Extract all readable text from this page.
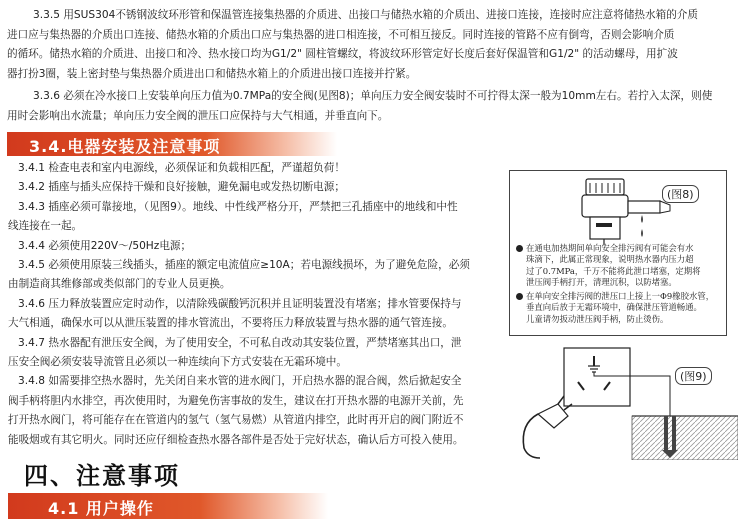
3.3.5 用SUS304不锈钢波纹环形管和保温管连接集热器的介质进、出接口与储热水箱的介质出、进接口连接，连接时应注意将储热水箱的介质
进口应与集热器的介质出口连接、储热水箱的介质出口应与集热器的进口相连接，不可相互接反。同时连接的管路不应有倒弯，否则会影响介质
的循环。储热水箱的介质进、出接口和冷、热水接口均为G1/2" 圆柱管螺纹，将波纹环形管定好长度后套好保温管和G1/2" 的活动螺母，用扩波
器打扮3圈，装上密封垫与集热器介质进出口和储热水箱上的介质进出接口连接并拧紧。
3.3.6 必须在冷水接口上安装单向压力值为0.7MPa的安全阀(见图8)；单向压力安全阀安装时不可拧得太深一般为10mm左右。若拧入太深，则使
用时会影响出水流量；单向压力安全阀的泄压口应保持与大气相通，并垂直向下。
3.4.电器安装及注意事项
3.4.1 检查电表和室内电源线，必须保证和负载相匹配，严谨超负荷！
3.4.2 插座与插头应保持干燥和良好接触，避免漏电或发热切断电源；
3.4.3 插座必须可靠接地，（见图9）。地线、中性线严格分开，严禁把三孔插座中的地线和中性
线连接在一起。
3.4.4 必须使用220V～/50Hz电源；
3.4.5 必须使用原装三线插头，插座的额定电流值应≥10A；若电源线损坏，为了避免危险，必须
由制造商其维修部或类似部门的专业人员更换。
3.4.6 压力释放装置应定时动作，以清除残碳酸钙沉积并且证明装置没有堵塞；排水管要保持与
大气相通，确保水可以从泄压装置的排水管流出，不要将压力释放装置与热水器的通气管连接。
3.4.7 热水器配有泄压安全阀，为了使用安全，不可私自改动其安装位置，严禁堵塞其出口，泄
压安全阀必须安装导流管且必须以一种连续向下方式安装在无霜环境中。
3.4.8 如需要排空热水器时，先关闭自来水管的进水阀门，开启热水器的混合阀，然后掀起安全
阀手柄将胆内水排空，再次使用时，为避免伤害事故的发生，建议在打开热水器的电源开关前，先
打开热水阀门，将可能存在在管道内的氢气（氢气易燃）从管道内排空，此时再开启的阀门附近不
能吸烟或有其它明火。同时还应仔细检查热水器各部件是否处于完好状态，确认后方可投入使用。
(图8)
在通电加热期间单向安全排污阀有可能会有水
珠滴下，此属正常现象，说明热水器内压力超
过了0.7MPa，千万不能将此泄口堵塞，定期将
泄压阀手柄打开，清理沉积，以防堵塞。
在单向安全排污阀的泄压口上接上一Φ9橡胶水管，
垂直向后放于无霜环境中，确保泄压管道畅通。
儿童请勿扳动泄压阀手柄，防止烫伤。
(图9)
四、注意事项
4.1 用户操作
